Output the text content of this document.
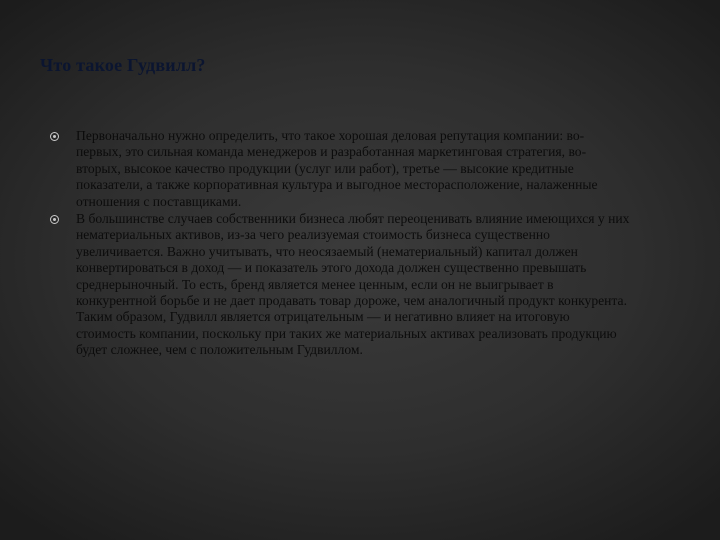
Что такое Гудвилл?
Первоначально нужно определить, что такое хорошая деловая репутация компании: во-первых, это сильная команда менеджеров и разработанная маркетинговая стратегия, во-вторых, высокое качество продукции (услуг или работ), третье — высокие кредитные показатели, а также корпоративная культура и выгодное месторасположение, налаженные отношения с поставщиками.
В большинстве случаев собственники бизнеса любят переоценивать влияние имеющихся у них нематериальных активов, из-за чего реализуемая стоимость бизнеса существенно увеличивается. Важно учитывать, что неосязаемый (нематериальный) капитал должен конвертироваться в доход — и показатель этого дохода должен существенно превышать среднерыночный. То есть, бренд является менее ценным, если он не выигрывает в конкурентной борьбе и не дает продавать товар дороже, чем аналогичный продукт конкурента. Таким образом, Гудвилл является отрицательным — и негативно влияет на итоговую стоимость компании, поскольку при таких же материальных активах реализовать продукцию будет сложнее, чем с положительным Гудвиллом.
